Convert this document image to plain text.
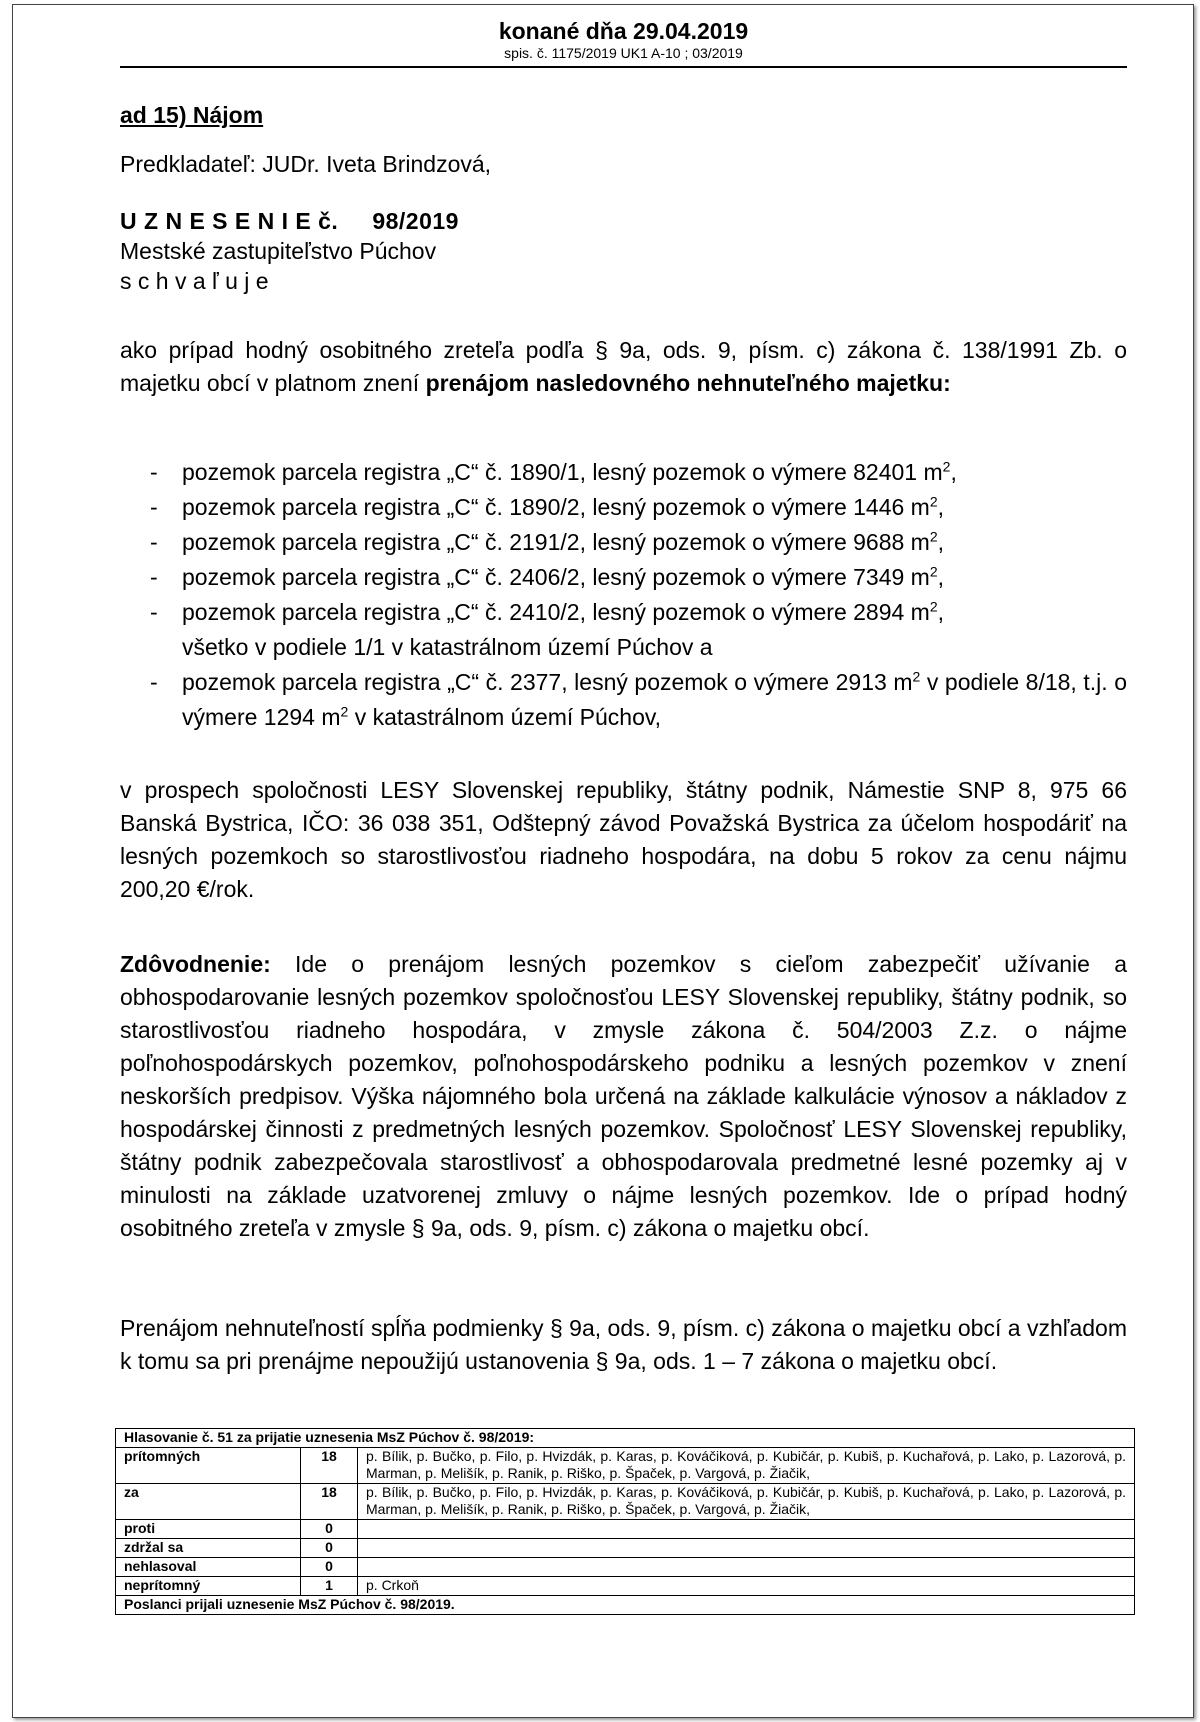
konané dňa 29.04.2019
spis. č. 1175/2019 UK1 A-10 ; 03/2019
ad 15) Nájom
Predkladateľ: JUDr. Iveta Brindzová,
U Z N E S E N I E č. 98/2019
Mestské zastupiteľstvo Púchov
s c h v a ľ u j e
ako prípad hodný osobitného zreteľa podľa § 9a, ods. 9, písm. c) zákona č. 138/1991 Zb. o majetku obcí v platnom znení prenájom nasledovného nehnuteľného majetku:
- pozemok parcela registra „C“ č. 1890/1, lesný pozemok o výmere 82401 $m^2$,
- pozemok parcela registra „C“ č. 1890/2, lesný pozemok o výmere 1446 $m^2$,
- pozemok parcela registra „C“ č. 2191/2, lesný pozemok o výmere 9688 $m^2$,
- pozemok parcela registra „C“ č. 2406/2, lesný pozemok o výmere 7349 $m^2$,
- pozemok parcela registra „C“ č. 2410/2, lesný pozemok o výmere 2894 $m^2$,
všetko v podiele 1/1 v katastrálnom území Púchov a
- pozemok parcela registra „C“ č. 2377, lesný pozemok o výmere 2913 $m^2$ v podiele 8/18, t.j. o výmere 1294 $m^2$ v katastrálnom území Púchov,
v prospech spoločnosti LESY Slovenskej republiky, štátny podnik, Námestie SNP 8, 975 66 Banská Bystrica, IČO: 36 038 351, Odštepný závod Považská Bystrica za účelom hospodáriť na lesných pozemkoch so starostlivosťou riadneho hospodára, na dobu 5 rokov za cenu nájmu 200,20 €/rok.
Zdôvodnenie: Ide o prenájom lesných pozemkov s cieľom zabezpečiť užívanie a obhospodarovanie lesných pozemkov spoločnosťou LESY Slovenskej republiky, štátny podnik, so starostlivosťou riadneho hospodára, v zmysle zákona č. 504/2003 Z.z. o nájme poľnohospodárskych pozemkov, poľnohospodárskeho podniku a lesných pozemkov v znení neskorších predpisov. Výška nájomného bola určená na základe kalkulácie výnosov a nákladov z hospodárskej činnosti z predmetných lesných pozemkov. Spoločnosť LESY Slovenskej republiky, štátny podnik zabezpečovala starostlivosť a obhospodarovala predmetné lesné pozemky aj v minulosti na základe uzatvorenej zmluvy o nájme lesných pozemkov. Ide o prípad hodný osobitného zreteľa v zmysle § 9a, ods. 9, písm. c) zákona o majetku obcí.
Prenájom nehnuteľností spĺňa podmienky § 9a, ods. 9, písm. c) zákona o majetku obcí a vzhľadom k tomu sa pri prenájme nepoužijú ustanovenia § 9a, ods. 1 – 7 zákona o majetku obcí.
Hlasovanie č. 51 za prijatie uznesenia MsZ Púchov č. 98/2019:		
prítomných	18	p. Bílik, p. Bučko, p. Filo, p. Hvizdák, p. Karas, p. Kováčiková, p. Kubičár, p. Kubiš, p. Kuchařová, p. Lako, p. Lazorová, p. Marman, p. Melišík, p. Ranik, p. Riško, p. Špaček, p. Vargová, p. Žiačik,
za	18	p. Bílik, p. Bučko, p. Filo, p. Hvizdák, p. Karas, p. Kováčiková, p. Kubičár, p. Kubiš, p. Kuchařová, p. Lako, p. Lazorová, p. Marman, p. Melišík, p. Ranik, p. Riško, p. Špaček, p. Vargová, p. Žiačik,
proti	0	
zdržal sa	0	
nehlasoval	0	
neprítomný	1	p. Crkoň
Poslanci prijali uznesenie MsZ Púchov č. 98/2019.		
